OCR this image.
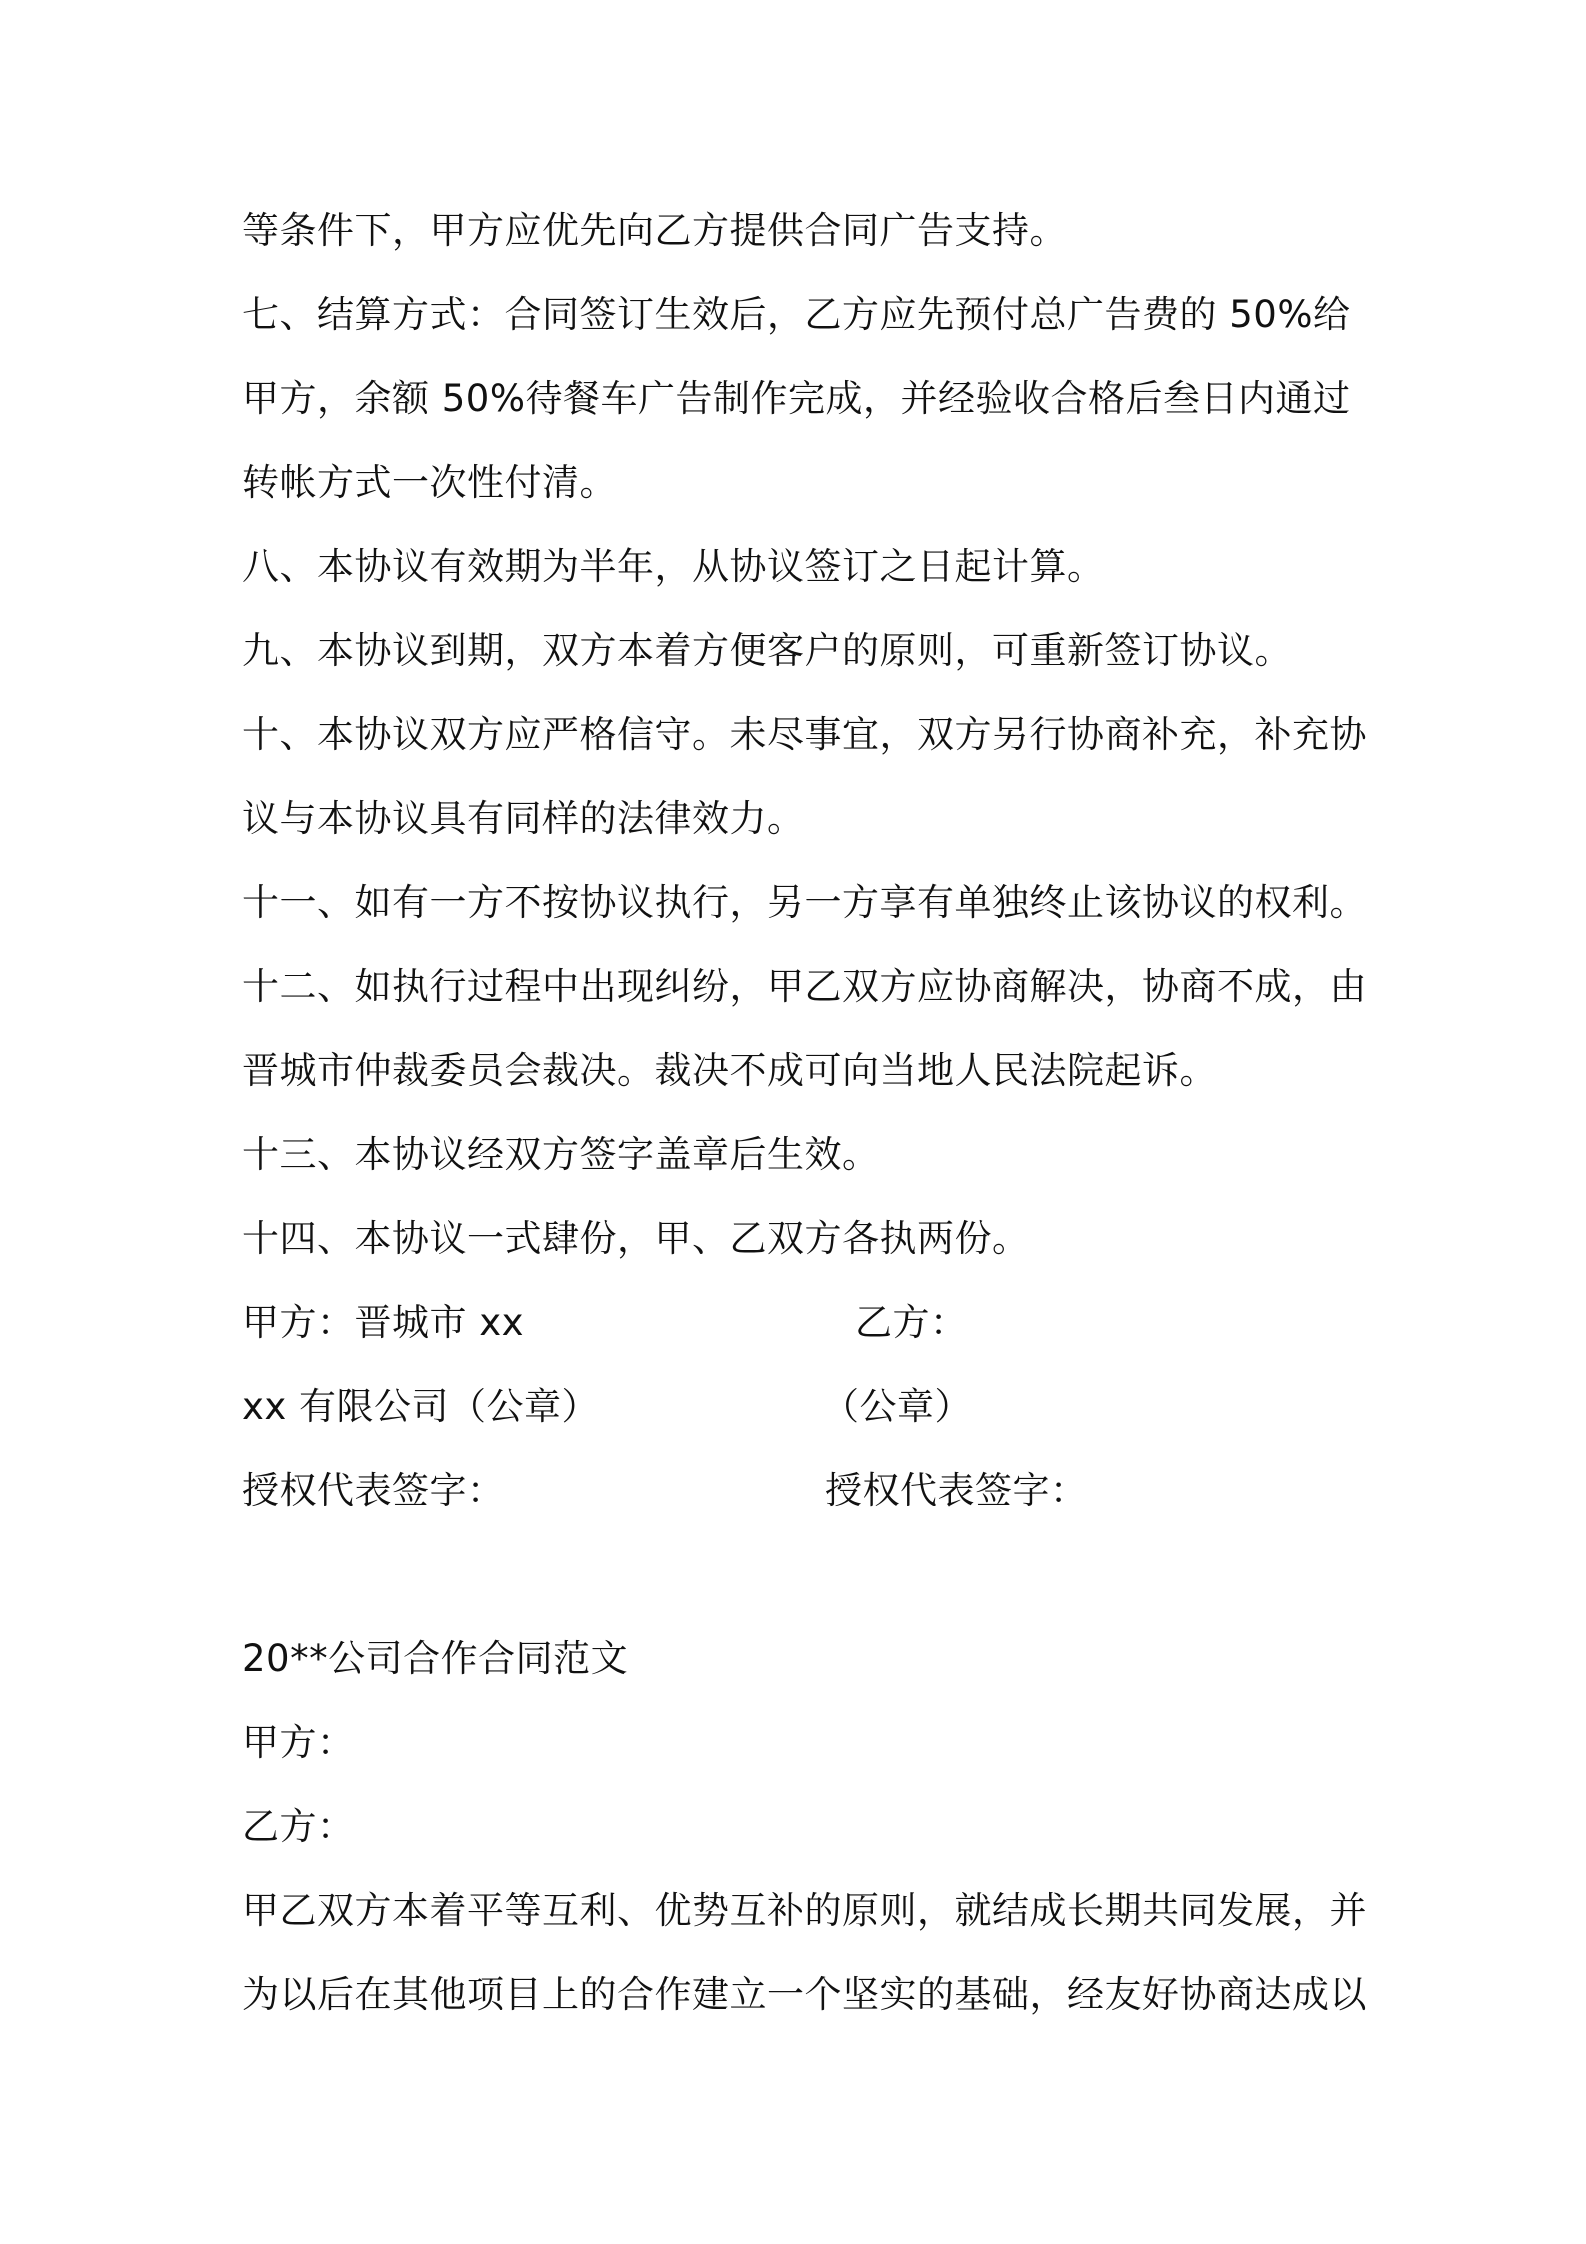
等条件下，甲方应优先向乙方提供合同广告支持。
七、结算方式：合同签订生效后，乙方应先预付总广告费的 50%给
甲方，余额 50%待餐车广告制作完成，并经验收合格后叁日内通过
转帐方式一次性付清。
八、本协议有效期为半年，从协议签订之日起计算。
九、本协议到期，双方本着方便客户的原则，可重新签订协议。
十、本协议双方应严格信守。未尽事宜，双方另行协商补充，补充协
议与本协议具有同样的法律效力。
十一、如有一方不按协议执行，另一方享有单独终止该协议的权利。
十二、如执行过程中出现纠纷，甲乙双方应协商解决，协商不成，由
晋城市仲裁委员会裁决。裁决不成可向当地人民法院起诉。
十三、本协议经双方签字盖章后生效。
十四、本协议一式肆份，甲、乙双方各执两份。
甲方：晋城市 xx	乙方：
xx 有限公司（公章）	（公章）
授权代表签字：	授权代表签字：
20**公司合作合同范文
甲方：
乙方：
甲乙双方本着平等互利、优势互补的原则，就结成长期共同发展，并
为以后在其他项目上的合作建立一个坚实的基础，经友好协商达成以
